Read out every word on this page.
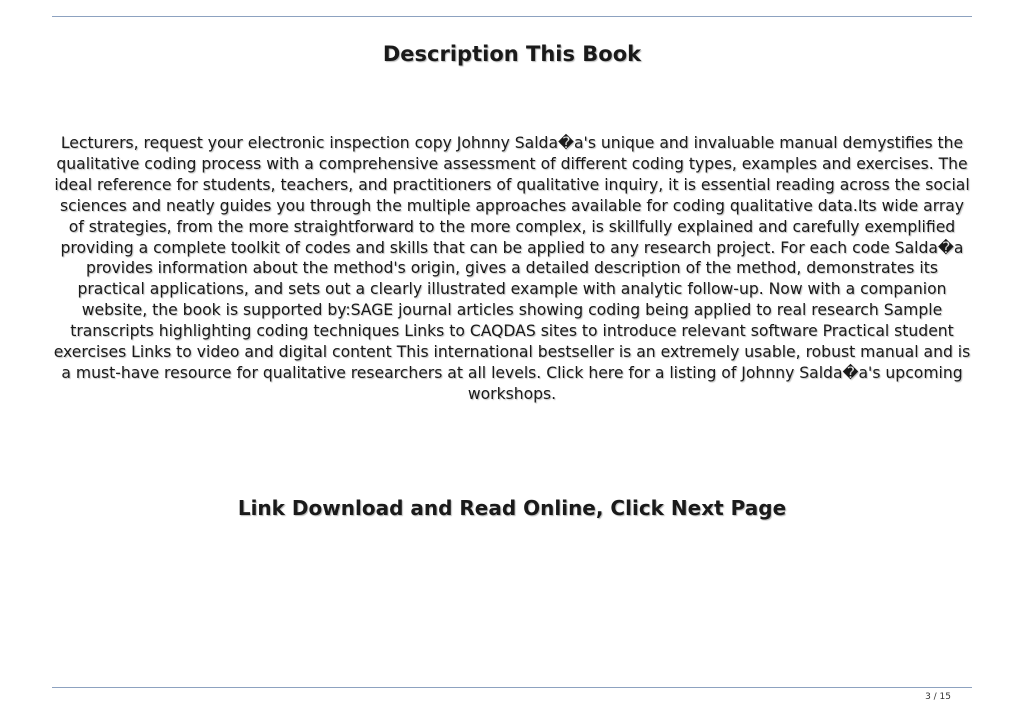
Description This Book

Lecturers, request your electronic inspection copy Johnny Salda�a's unique and invaluable manual demystifies the qualitative coding process with a comprehensive assessment of different coding types, examples and exercises. The ideal reference for students, teachers, and practitioners of qualitative inquiry, it is essential reading across the social sciences and neatly guides you through the multiple approaches available for coding qualitative data.Its wide array of strategies, from the more straightforward to the more complex, is skillfully explained and carefully exemplified providing a complete toolkit of codes and skills that can be applied to any research project. For each code Salda�a provides information about the method's origin, gives a detailed description of the method, demonstrates its practical applications, and sets out a clearly illustrated example with analytic follow-up. Now with a companion website, the book is supported by:SAGE journal articles showing coding being applied to real research Sample transcripts highlighting coding techniques Links to CAQDAS sites to introduce relevant software Practical student exercises Links to video and digital content This international bestseller is an extremely usable, robust manual and is a must-have resource for qualitative researchers at all levels. Click here for a listing of Johnny Salda�a's upcoming workshops.

Link Download and Read Online, Click Next Page
3 / 15
